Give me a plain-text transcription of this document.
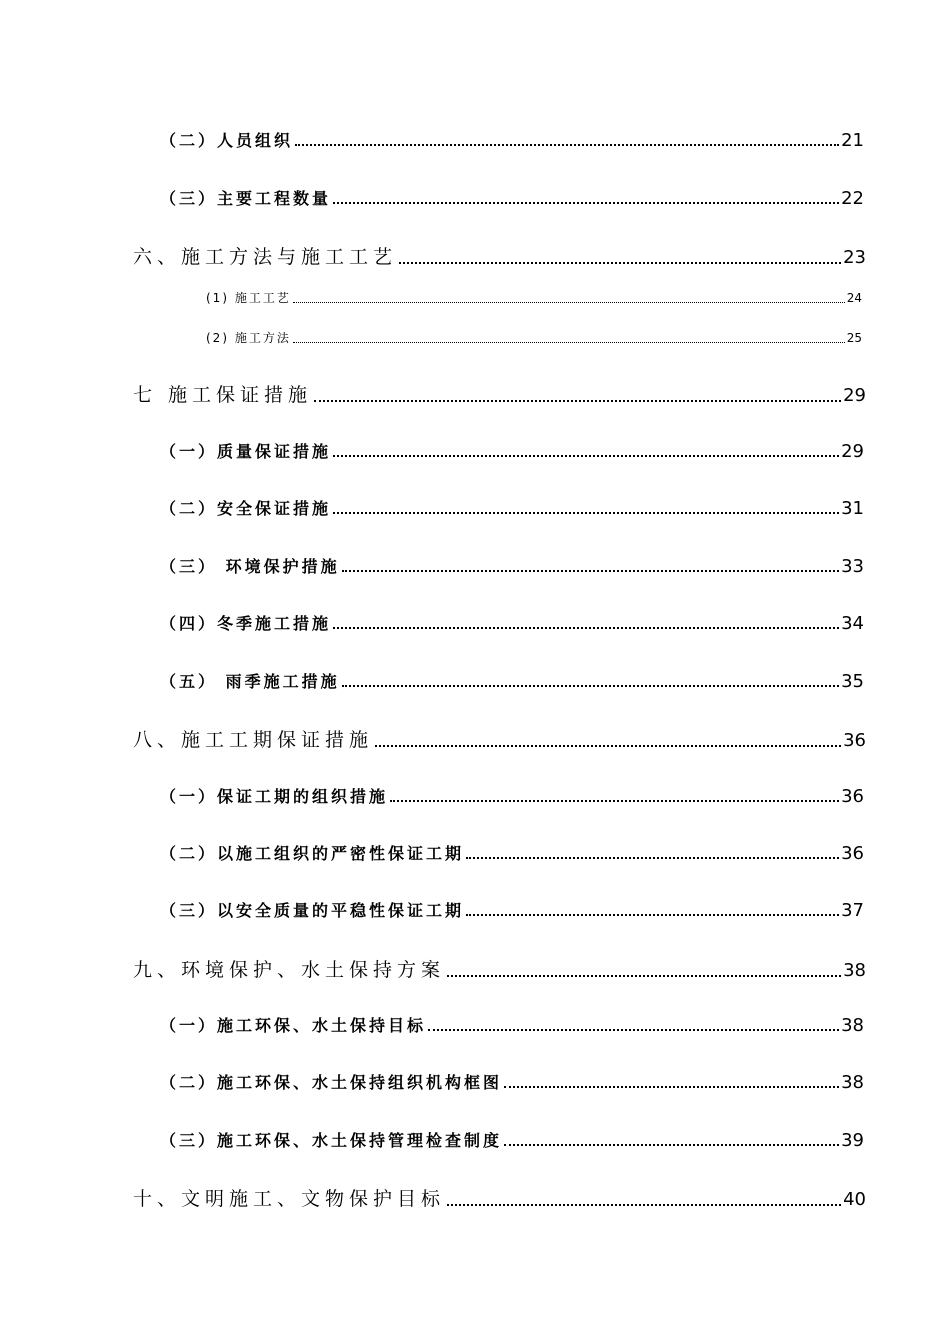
（二）人员组织	21
（三）主要工程数量	22
六、施工方法与施工工艺	23
(1) 施工工艺	24
(2) 施工方法	25
七 施工保证措施	29
（一）质量保证措施	29
（二）安全保证措施	31
（三） 环境保护措施	33
（四）冬季施工措施	34
（五） 雨季施工措施	35
八、施工工期保证措施	36
（一）保证工期的组织措施	36
（二）以施工组织的严密性保证工期	36
（三）以安全质量的平稳性保证工期	37
九、环境保护、水土保持方案	38
（一）施工环保、水土保持目标	38
（二）施工环保、水土保持组织机构框图	38
（三）施工环保、水土保持管理检查制度	39
十、文明施工、文物保护目标	40
